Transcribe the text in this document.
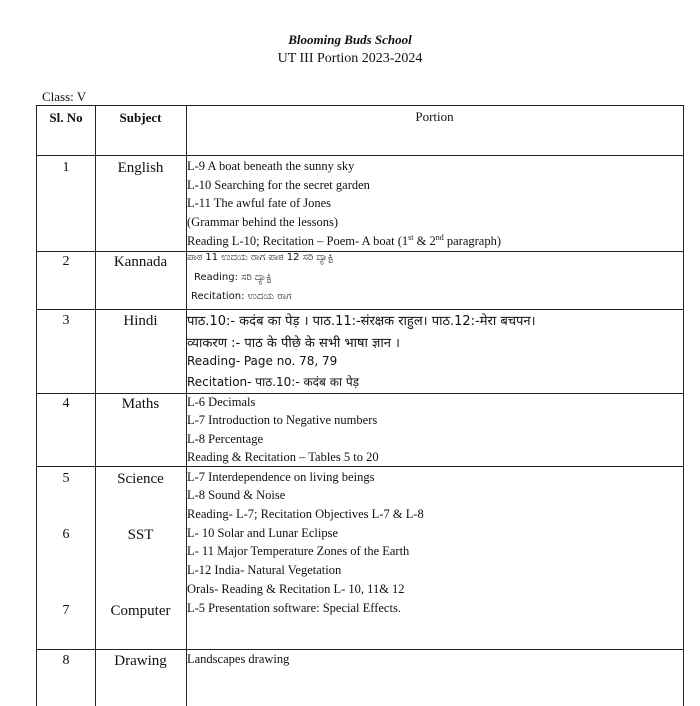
Blooming Buds School
UT III Portion 2023-2024
Class: V
Sl. No	Subject	Portion
1	English	L-9 A boat beneath the sunny sky
L-10 Searching for the secret garden
L-11 The awful fate of Jones
(Grammar behind the lessons)
Reading L-10; Recitation – Poem- A boat (1st & 2nd paragraph)
2	Kannada	ಪಾಠ 11 ಉದಯ ರಾಗ ಪಾಠ 12 ಸರಿ ದ್ಯಾಕ್ಟಿ
Reading: ಸರಿ ದ್ಯಾಕ್ಟಿ
Recitation: ಉದಯ ರಾಗ
3	Hindi	पाठ.10:- कदंब का पेड़ । पाठ.11:-संरक्षक राहुल। पाठ.12:-मेरा बचपन।
व्याकरण :- पाठ के पीछे के सभी भाषा ज्ञान ।
Reading- Page no. 78, 79
Recitation- पाठ.10:- कदंब का पेड़
4	Maths	L-6 Decimals
L-7 Introduction to Negative numbers
L-8 Percentage
Reading & Recitation – Tables 5 to 20
5	Science	L-7 Interdependence on living beings
L-8 Sound & Noise
Reading- L-7; Recitation Objectives L-7 & L-8
6	SST	L- 10 Solar and Lunar Eclipse
L- 11 Major Temperature Zones of the Earth
L-12 India- Natural Vegetation
Orals- Reading & Recitation L- 10, 11& 12
7	Computer	L-5 Presentation software: Special Effects.
8	Drawing	Landscapes drawing
